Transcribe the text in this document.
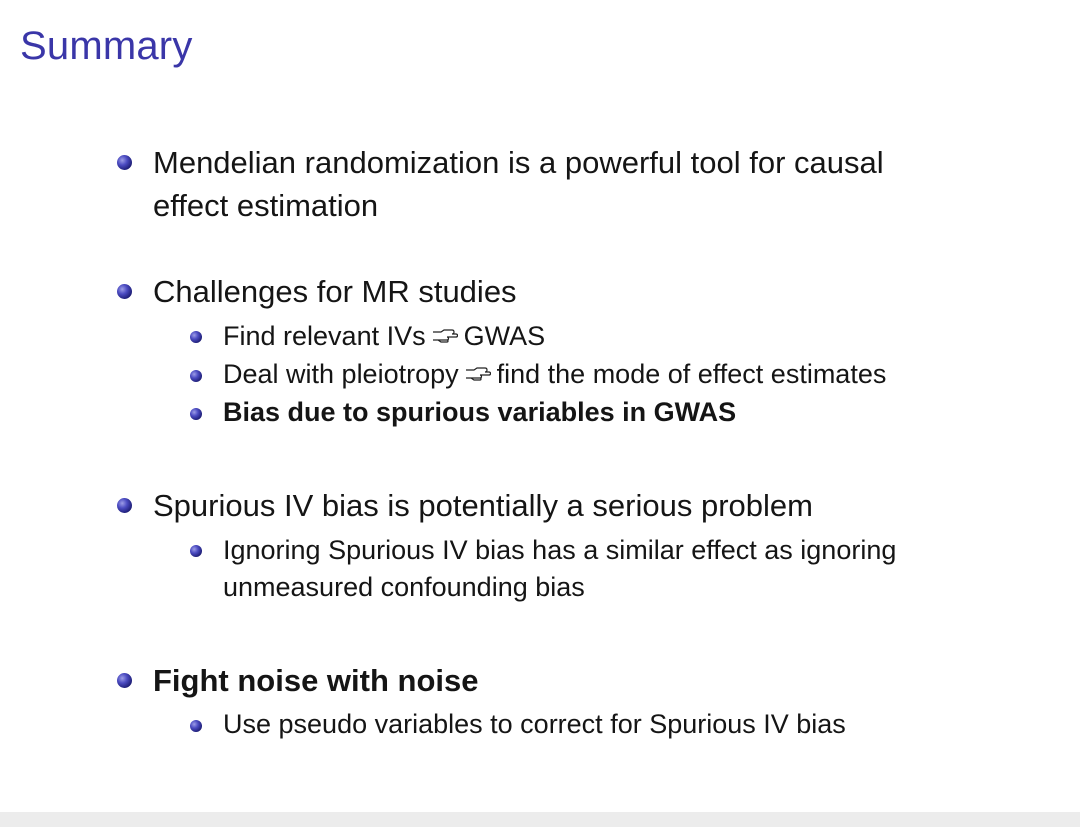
Summary
Mendelian randomization is a powerful tool for causal
effect estimation
Challenges for MR studies
Find relevant IVs GWAS
Deal with pleiotropy find the mode of effect estimates
Bias due to spurious variables in GWAS
Spurious IV bias is potentially a serious problem
Ignoring Spurious IV bias has a similar effect as ignoring
unmeasured confounding bias
Fight noise with noise
Use pseudo variables to correct for Spurious IV bias
